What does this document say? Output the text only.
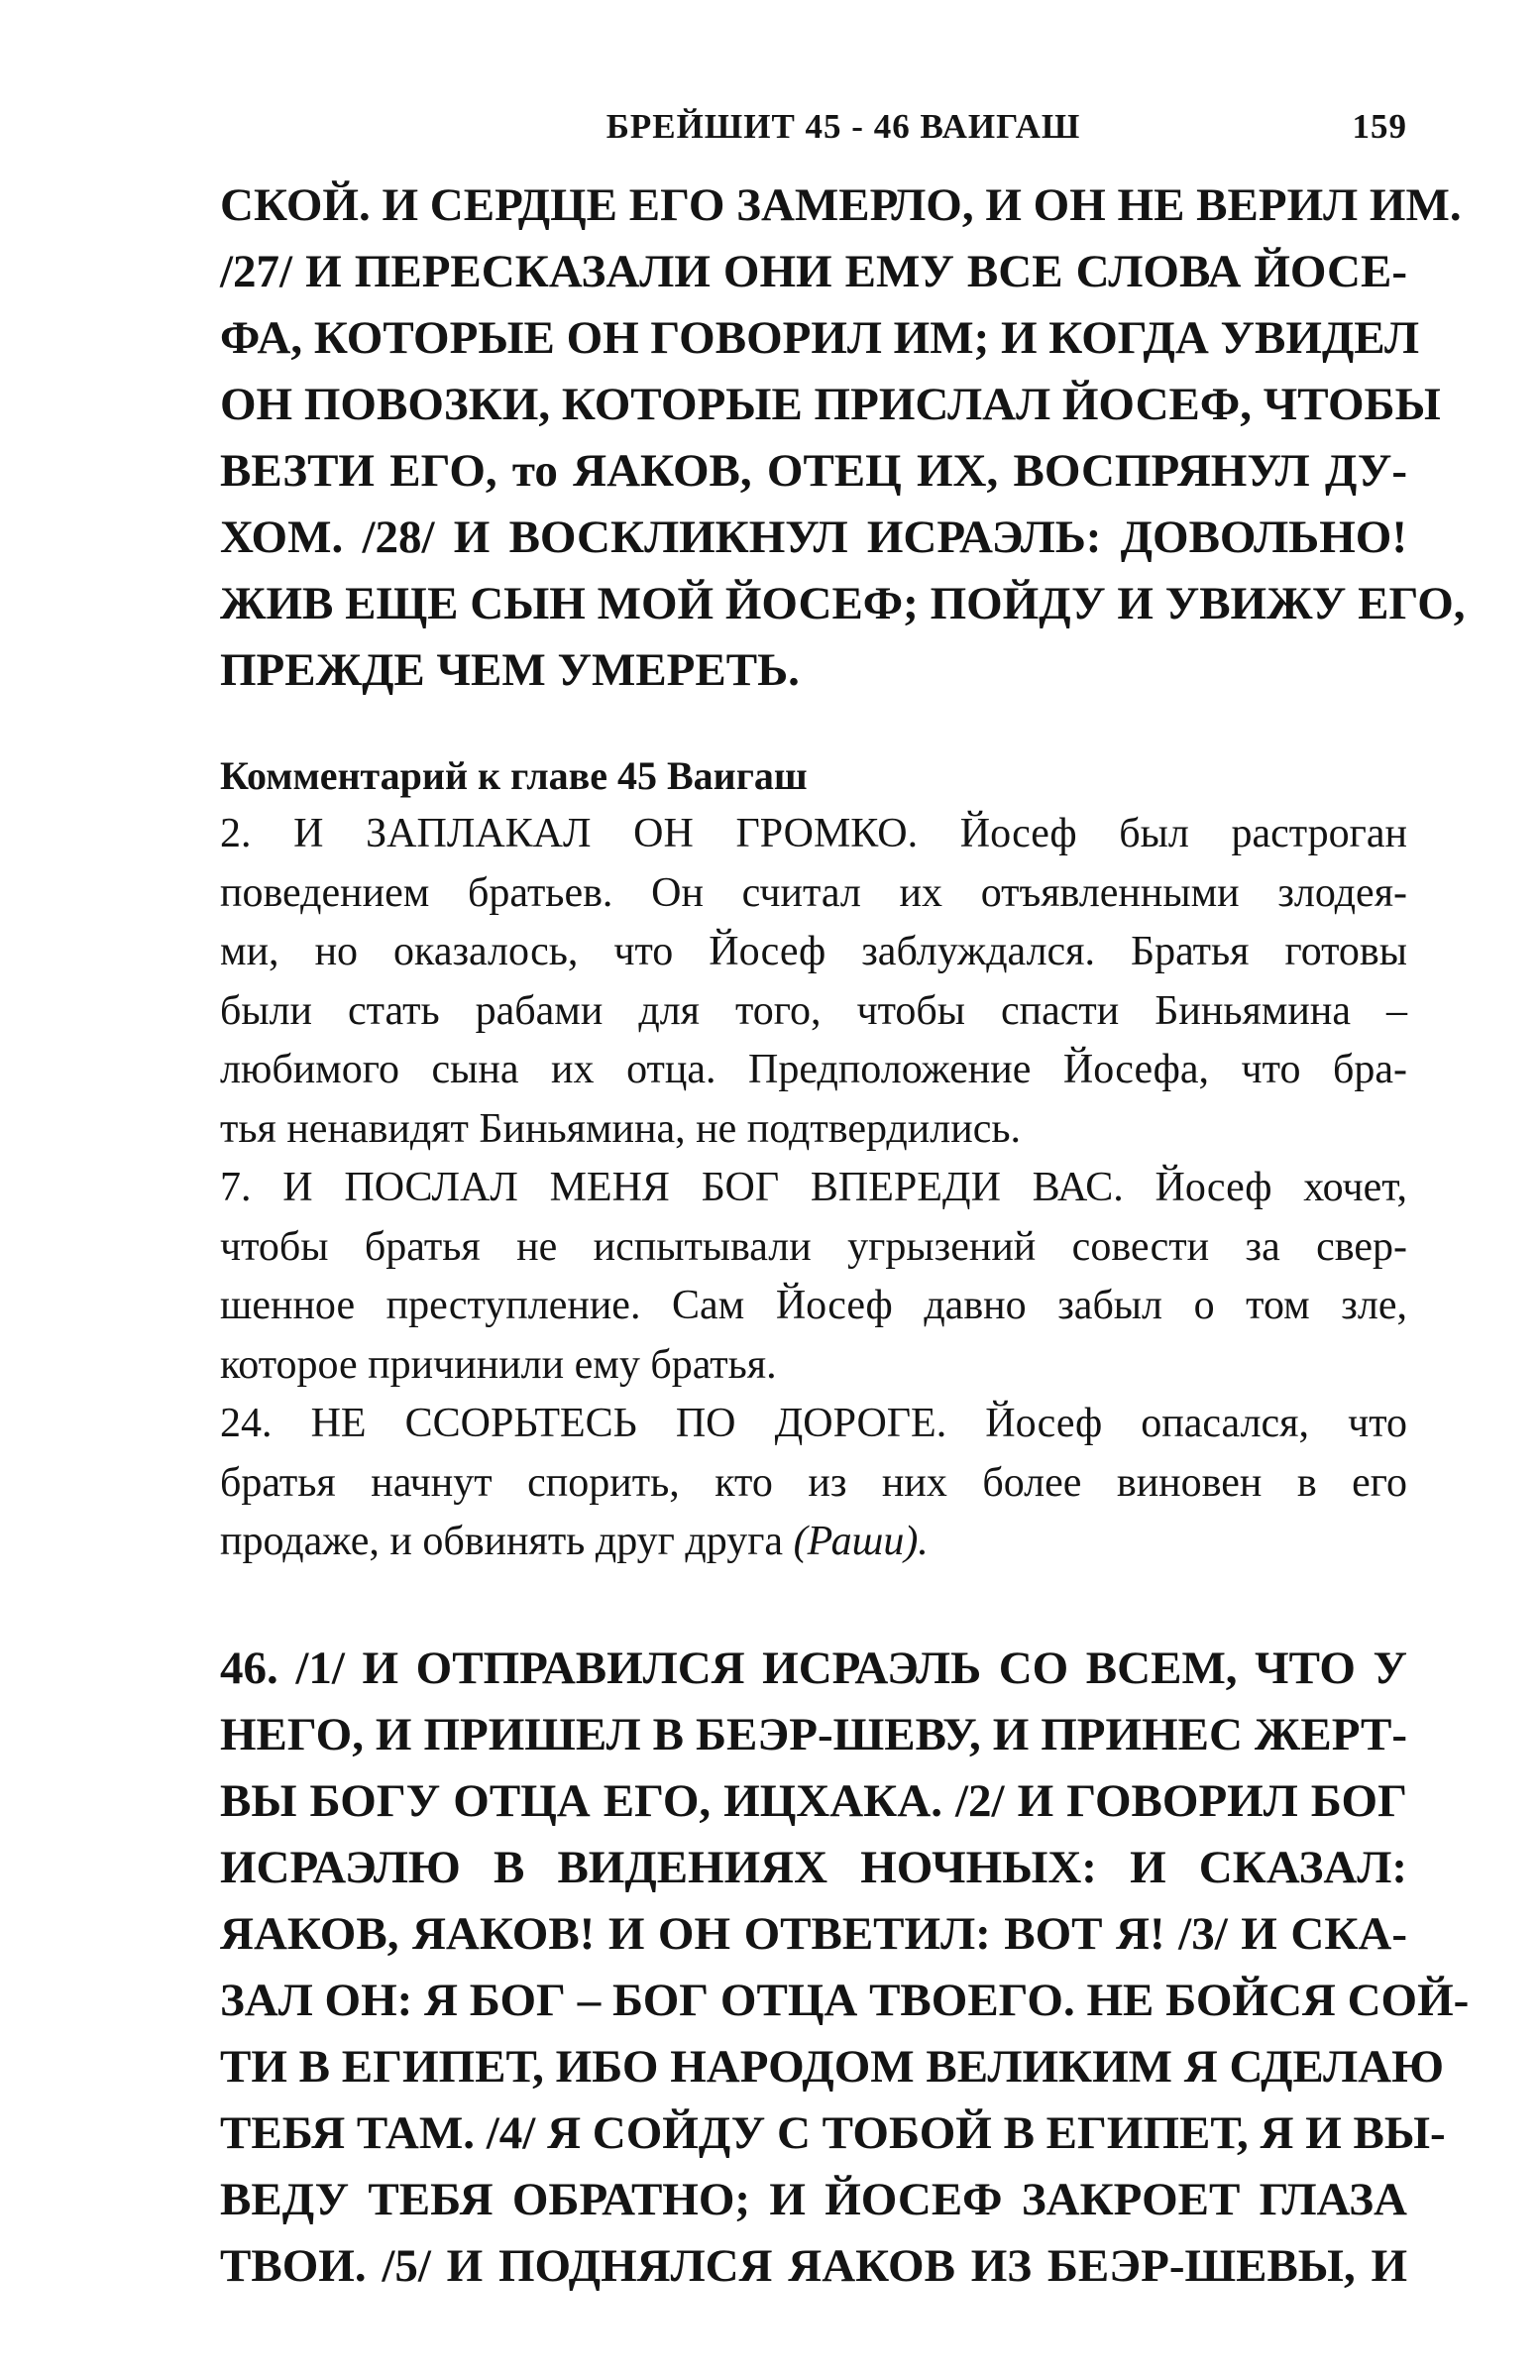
БРЕЙШИТ 45 - 46 ВАИГАШ	159
СКОЙ. И СЕРДЦЕ ЕГО ЗАМЕРЛО, И ОН НЕ ВЕРИЛ ИМ.
/27/ И ПЕРЕСКАЗАЛИ ОНИ ЕМУ ВСЕ СЛОВА ЙОСЕ-
ФА, КОТОРЫЕ ОН ГОВОРИЛ ИМ; И КОГДА УВИДЕЛ
ОН ПОВОЗКИ, КОТОРЫЕ ПРИСЛАЛ ЙОСЕФ, ЧТОБЫ
ВЕЗТИ ЕГО, то ЯАКОВ, ОТЕЦ ИХ, ВОСПРЯНУЛ ДУ-
ХОМ. /28/ И ВОСКЛИКНУЛ ИСРАЭЛЬ: ДОВОЛЬНО!
ЖИВ ЕЩЕ СЫН МОЙ ЙОСЕФ; ПОЙДУ И УВИЖУ ЕГО,
ПРЕЖДЕ ЧЕМ УМЕРЕТЬ.
Комментарий к главе 45 Ваигаш
2. И ЗАПЛАКАЛ ОН ГРОМКО. Йосеф был растроган
поведением братьев. Он считал их отъявленными злодея-
ми, но оказалось, что Йосеф заблуждался. Братья готовы
были стать рабами для того, чтобы спасти Биньямина –
любимого сына их отца. Предположение Йосефа, что бра-
тья ненавидят Биньямина, не подтвердились.
7. И ПОСЛАЛ МЕНЯ БОГ ВПЕРЕДИ ВАС. Йосеф хочет,
чтобы братья не испытывали угрызений совести за свер-
шенное преступление. Сам Йосеф давно забыл о том зле,
которое причинили ему братья.
24. НЕ ССОРЬТЕСЬ ПО ДОРОГЕ. Йосеф опасался, что
братья начнут спорить, кто из них более виновен в его
продаже, и обвинять друг друга (Раши).
46. /1/ И ОТПРАВИЛСЯ ИСРАЭЛЬ СО ВСЕМ, ЧТО У
НЕГО, И ПРИШЕЛ В БЕЭР-ШЕВУ, И ПРИНЕС ЖЕРТ-
ВЫ БОГУ ОТЦА ЕГО, ИЦХАКА. /2/ И ГОВОРИЛ БОГ
ИСРАЭЛЮ В ВИДЕНИЯХ НОЧНЫХ: И СКАЗАЛ:
ЯАКОВ, ЯАКОВ! И ОН ОТВЕТИЛ: ВОТ Я! /3/ И СКА-
ЗАЛ ОН: Я БОГ – БОГ ОТЦА ТВОЕГО. НЕ БОЙСЯ СОЙ-
ТИ В ЕГИПЕТ, ИБО НАРОДОМ ВЕЛИКИМ Я СДЕЛАЮ
ТЕБЯ ТАМ. /4/ Я СОЙДУ С ТОБОЙ В ЕГИПЕТ, Я И ВЫ-
ВЕДУ ТЕБЯ ОБРАТНО; И ЙОСЕФ ЗАКРОЕТ ГЛАЗА
ТВОИ. /5/ И ПОДНЯЛСЯ ЯАКОВ ИЗ БЕЭР-ШЕВЫ, И
